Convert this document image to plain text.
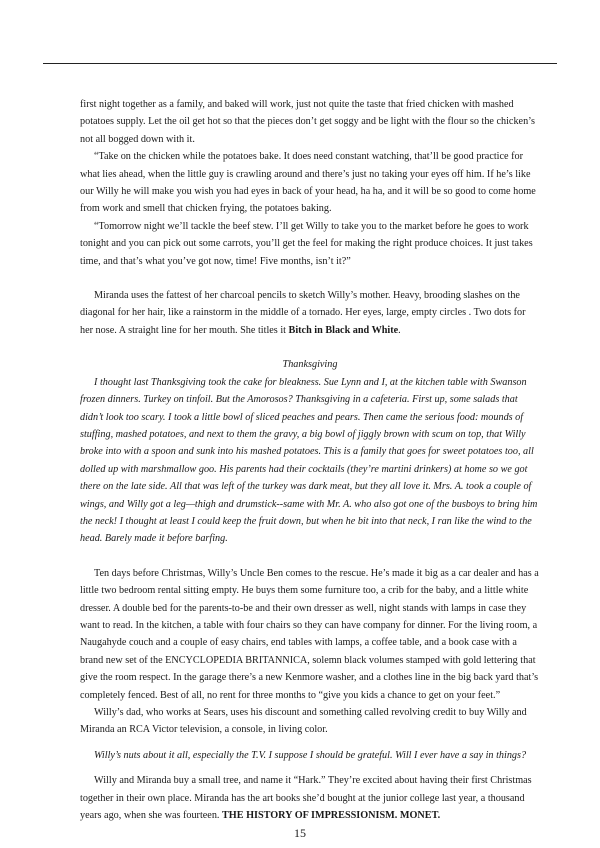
first night together as a family, and baked will work, just not quite the taste that fried chicken with mashed potatoes supply. Let the oil get hot so that the pieces don’t get soggy and be light with the flour so the chicken’s not all bogged down with it.

“Take on the chicken while the potatoes bake. It does need constant watching, that’ll be good practice for what lies ahead, when the little guy is crawling around and there’s just no taking your eyes off him. If he’s like our Willy he will make you wish you had eyes in back of your head, ha ha, and it will be so good to come home from work and smell that chicken frying, the potatoes baking.

“Tomorrow night we’ll tackle the beef stew. I’ll get Willy to take you to the market before he goes to work tonight and you can pick out some carrots, you’ll get the feel for making the right produce choices. It just takes time, and that’s what you’ve got now, time! Five months, isn’t it?”

Miranda uses the fattest of her charcoal pencils to sketch Willy’s mother. Heavy, brooding slashes on the diagonal for her hair, like a rainstorm in the middle of a tornado. Her eyes, large, empty circles . Two dots for her nose. A straight line for her mouth. She titles it Bitch in Black and White.

Thanksgiving

I thought last Thanksgiving took the cake for bleakness. Sue Lynn and I, at the kitchen table with Swanson frozen dinners. Turkey on tinfoil. But the Amorosos? Thanksgiving in a cafeteria. First up, some salads that didn’t look too scary. I took a little bowl of sliced peaches and pears. Then came the serious food: mounds of stuffing, mashed potatoes, and next to them the gravy, a big bowl of jiggly brown with scum on top, that Willy broke into with a spoon and sunk into his mashed potatoes. This is a family that goes for sweet potatoes too, all dolled up with marshmallow goo. His parents had their cocktails (they’re martini drinkers) at home so we got there on the late side. All that was left of the turkey was dark meat, but they all love it. Mrs. A. took a couple of wings, and Willy got a leg—thigh and drumstick--same with Mr. A. who also got one of the busboys to bring him the neck! I thought at least I could keep the fruit down, but when he bit into that neck, I ran like the wind to the head. Barely made it before barfing.

Ten days before Christmas, Willy’s Uncle Ben comes to the rescue. He’s made it big as a car dealer and has a little two bedroom rental sitting empty. He buys them some furniture too, a crib for the baby, and a little white dresser. A double bed for the parents-to-be and their own dresser as well, night stands with lamps in case they want to read. In the kitchen, a table with four chairs so they can have company for dinner. For the living room, a Naugahyde couch and a couple of easy chairs, end tables with lamps, a coffee table, and a book case with a brand new set of the ENCYCLOPEDIA BRITANNICA, solemn black volumes stamped with gold lettering that give the room respect. In the garage there’s a new Kenmore washer, and a clothes line in the big back yard that’s completely fenced. Best of all, no rent for three months to “give you kids a chance to get on your feet.”

Willy’s dad, who works at Sears, uses his discount and something called revolving credit to buy Willy and Miranda an RCA Victor television, a console, in living color.

Willy’s nuts about it all, especially the T.V. I suppose I should be grateful. Will I ever have a say in things?

Willy and Miranda buy a small tree, and name it “Hark.” They’re excited about having their first Christmas together in their own place. Miranda has the art books she’d bought at the junior college last year, a thousand years ago, when she was fourteen. THE HISTORY OF IMPRESSIONISM. MONET.

15
